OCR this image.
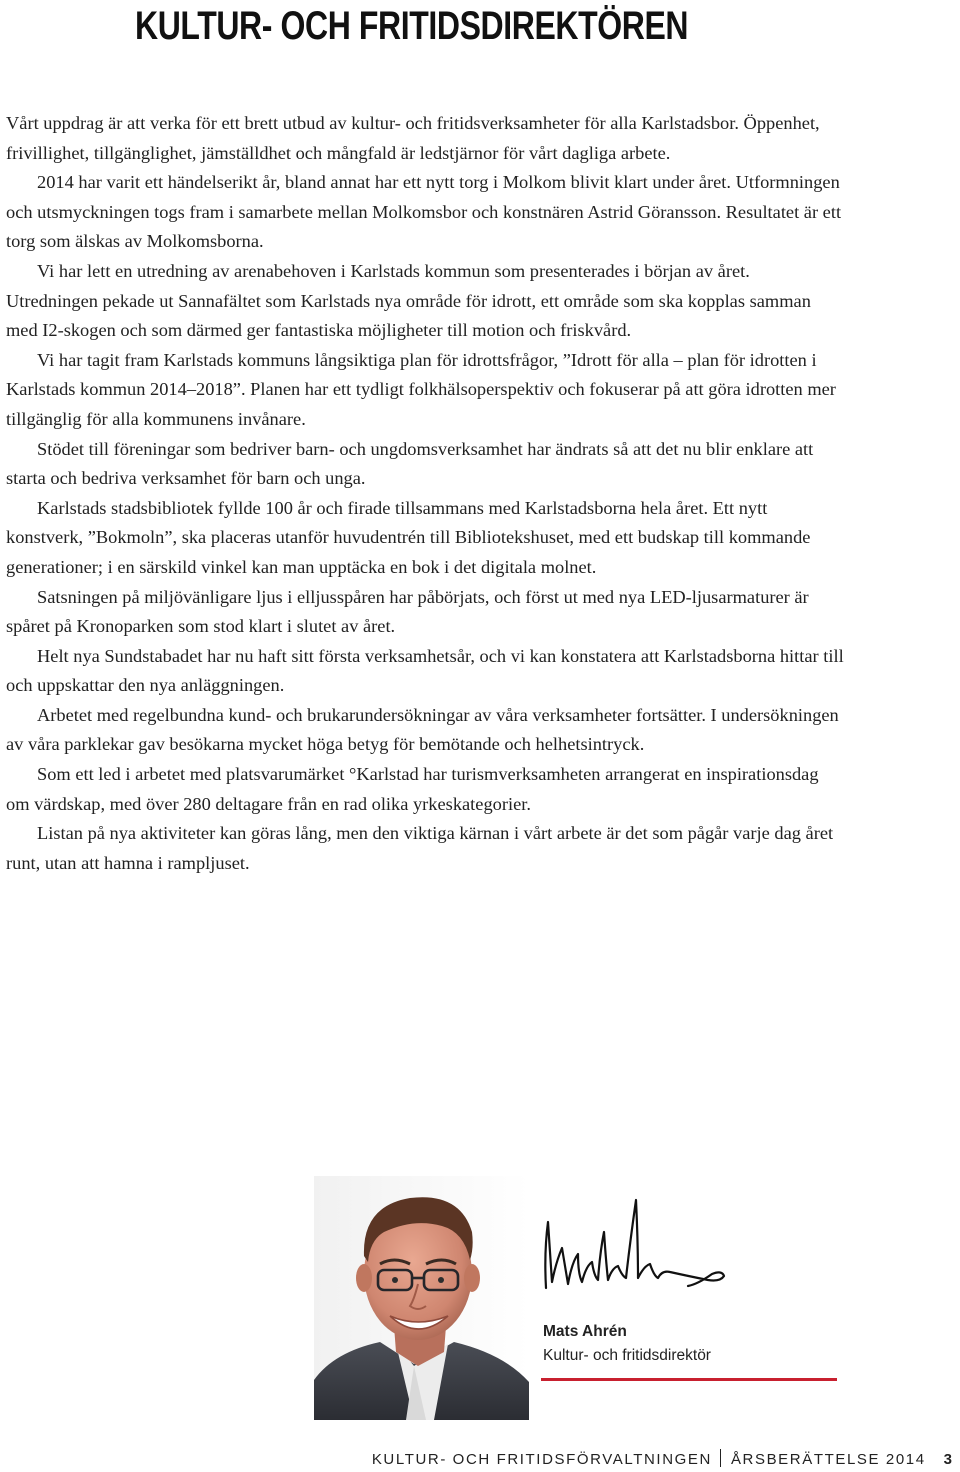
KULTUR- OCH FRITIDSDIREKTÖREN

Vårt uppdrag är att verka för ett brett utbud av kultur- och fritidsverksamheter för alla Karlstadsbor. Öppenhet, frivillighet, tillgänglighet, jämställdhet och mångfald är ledstjärnor för vårt dagliga arbete.

2014 har varit ett händelserikt år, bland annat har ett nytt torg i Molkom blivit klart under året. Utformningen och utsmyckningen togs fram i samarbete mellan Molkomsbor och konstnären Astrid Göransson. Resultatet är ett torg som älskas av Molkomsborna.

Vi har lett en utredning av arenabehoven i Karlstads kommun som presenterades i början av året. Utredningen pekade ut Sannafältet som Karlstads nya område för idrott, ett område som ska kopplas samman med I2-skogen och som därmed ger fantastiska möjligheter till motion och friskvård.

Vi har tagit fram Karlstads kommuns långsiktiga plan för idrottsfrågor, ”Idrott för alla – plan för idrotten i Karlstads kommun 2014–2018”. Planen har ett tydligt folkhälsoperspektiv och fokuserar på att göra idrotten mer tillgänglig för alla kommunens invånare.

Stödet till föreningar som bedriver barn- och ungdomsverksamhet har ändrats så att det nu blir enklare att starta och bedriva verksamhet för barn och unga.

Karlstads stadsbibliotek fyllde 100 år och firade tillsammans med Karlstadsborna hela året. Ett nytt konstverk, ”Bokmoln”, ska placeras utanför huvudentrén till Bibliotekshuset, med ett budskap till kommande generationer; i en särskild vinkel kan man upptäcka en bok i det digitala molnet.

Satsningen på miljövänligare ljus i elljusspåren har påbörjats, och först ut med nya LED-ljusarmaturer är spåret på Kronoparken som stod klart i slutet av året.

Helt nya Sundstabadet har nu haft sitt första verksamhetsår, och vi kan konstatera att Karlstadsborna hittar till och uppskattar den nya anläggningen.

Arbetet med regelbundna kund- och brukarundersökningar av våra verksamheter fortsätter. I undersökningen av våra parklekar gav besökarna mycket höga betyg för bemötande och helhetsintryck.

Som ett led i arbetet med platsvarumärket °Karlstad har turismverksamheten arrangerat en inspirationsdag om värdskap, med över 280 deltagare från en rad olika yrkeskategorier.

Listan på nya aktiviteter kan göras lång, men den viktiga kärnan i vårt arbete är det som pågår varje dag året runt, utan att hamna i rampljuset.

Mats Ahrén
Kultur- och fritidsdirektör
KULTUR- OCH FRITIDSFÖRVALTNINGEN ÅRSBERÄTTELSE 2014 3
